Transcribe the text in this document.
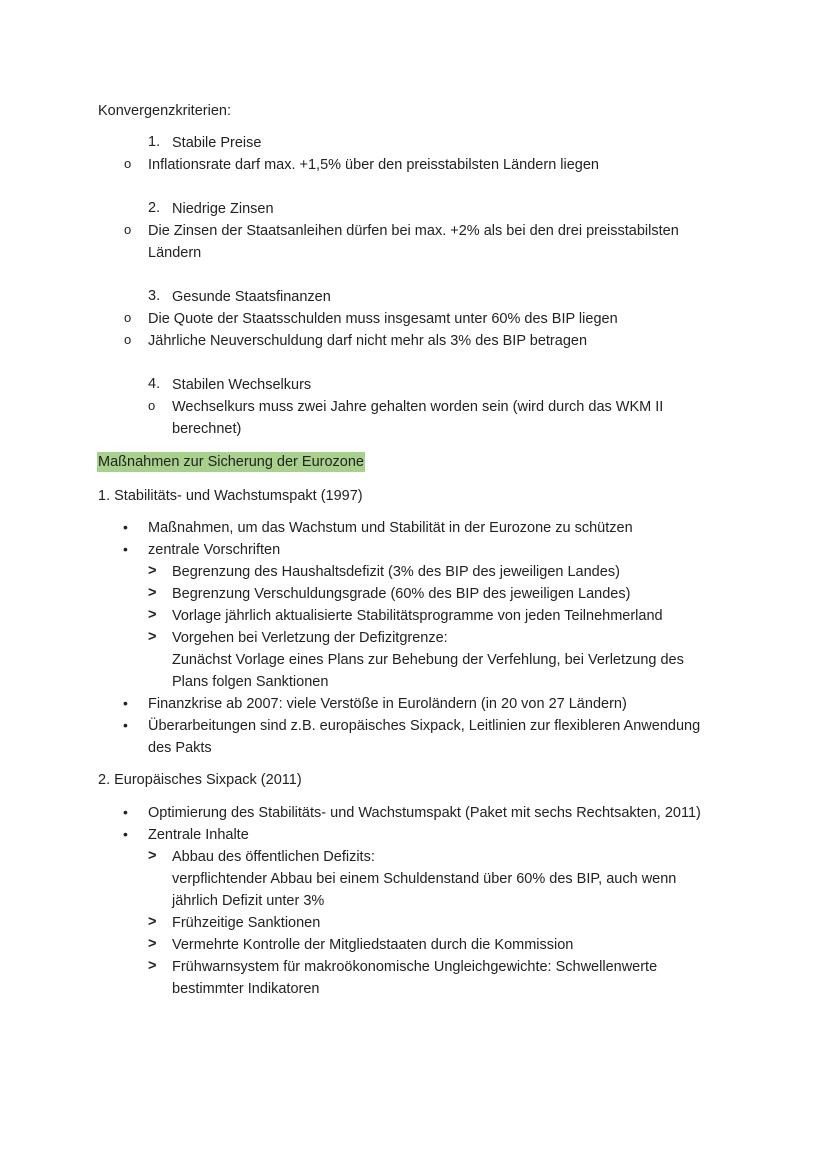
Konvergenzkriterien:
1. Stabile Preise
o Inflationsrate darf max. +1,5% über den preisstabilsten Ländern liegen
2. Niedrige Zinsen
o Die Zinsen der Staatsanleihen dürfen bei max. +2% als bei den drei preisstabilsten
Ländern
3. Gesunde Staatsfinanzen
o Die Quote der Staatsschulden muss insgesamt unter 60% des BIP liegen
o Jährliche Neuverschuldung darf nicht mehr als 3% des BIP betragen
4. Stabilen Wechselkurs
o Wechselkurs muss zwei Jahre gehalten worden sein (wird durch das WKM II
berechnet)
Maßnahmen zur Sicherung der Eurozone
1. Stabilitäts- und Wachstumspakt (1997)
• Maßnahmen, um das Wachstum und Stabilität in der Eurozone zu schützen
• zentrale Vorschriften
> Begrenzung des Haushaltsdefizit (3% des BIP des jeweiligen Landes)
> Begrenzung Verschuldungsgrade (60% des BIP des jeweiligen Landes)
> Vorlage jährlich aktualisierte Stabilitätsprogramme von jeden Teilnehmerland
> Vorgehen bei Verletzung der Defizitgrenze:
Zunächst Vorlage eines Plans zur Behebung der Verfehlung, bei Verletzung des
Plans folgen Sanktionen
• Finanzkrise ab 2007: viele Verstöße in Euroländern (in 20 von 27 Ländern)
• Überarbeitungen sind z.B. europäisches Sixpack, Leitlinien zur flexibleren Anwendung
des Pakts
2. Europäisches Sixpack (2011)
• Optimierung des Stabilitäts- und Wachstumspakt (Paket mit sechs Rechtsakten, 2011)
• Zentrale Inhalte
> Abbau des öffentlichen Defizits:
verpflichtender Abbau bei einem Schuldenstand über 60% des BIP, auch wenn
jährlich Defizit unter 3%
> Frühzeitige Sanktionen
> Vermehrte Kontrolle der Mitgliedstaaten durch die Kommission
> Frühwarnsystem für makroökonomische Ungleichgewichte: Schwellenwerte
bestimmter Indikatoren
